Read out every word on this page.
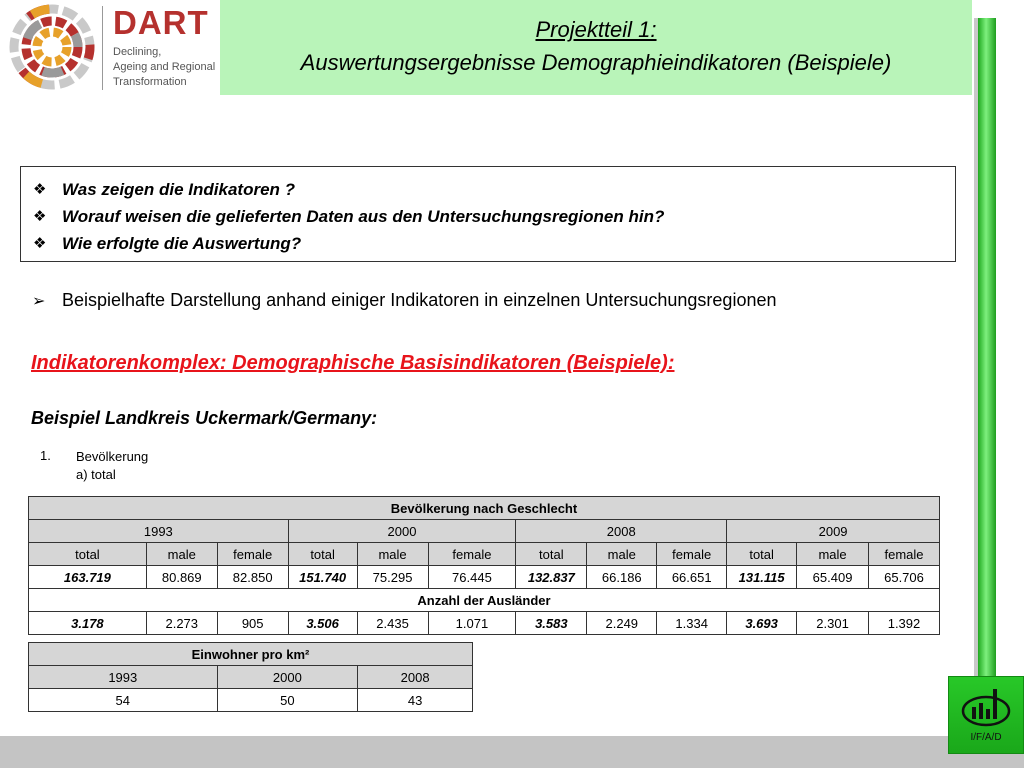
DART
Declining,
Ageing and Regional
Transformation
Projektteil 1:
Auswertungsergebnisse Demographieindikatoren (Beispiele)
❖ Was zeigen die Indikatoren ?
❖ Worauf weisen die gelieferten Daten aus den Untersuchungsregionen hin?
❖ Wie erfolgte die Auswertung?
➢ Beispielhafte Darstellung anhand einiger Indikatoren in einzelnen Untersuchungsregionen
Indikatorenkomplex: Demographische Basisindikatoren (Beispiele):
Beispiel Landkreis Uckermark/Germany:
1. Bevölkerung
a) total
Bevölkerung nach Geschlecht											
1993			2000			2008			2009		
total	male	female	total	male	female	total	male	female	total	male	female
163.719	80.869	82.850	151.740	75.295	76.445	132.837	66.186	66.651	131.115	65.409	65.706
Anzahl der Ausländer											
3.178	2.273	905	3.506	2.435	1.071	3.583	2.249	1.334	3.693	2.301	1.392
Einwohner pro km²		
1993	2000	2008
54	50	43
I/F/A/D
